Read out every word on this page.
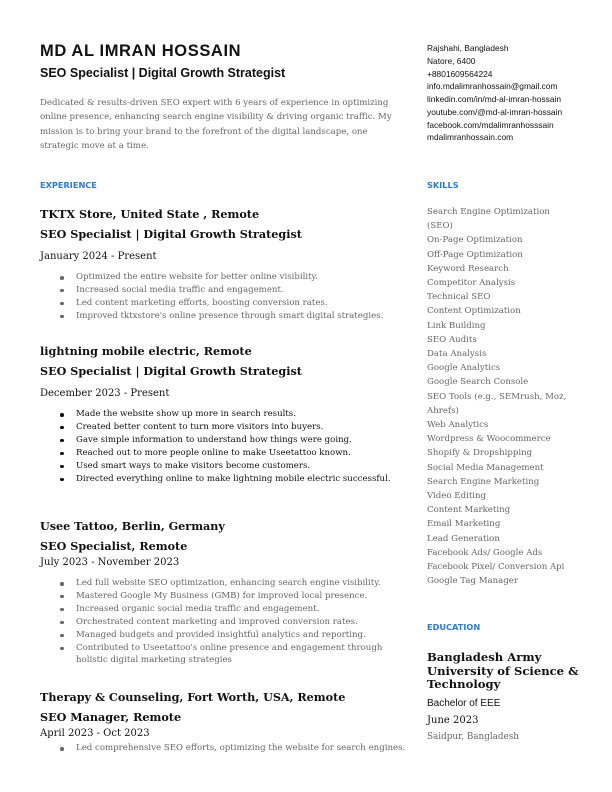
MD AL IMRAN HOSSAIN
SEO Specialist | Digital Growth Strategist
Dedicated & results-driven SEO expert with 6 years of experience in optimizing online presence, enhancing search engine visibility & driving organic traffic. My mission is to bring your brand to the forefront of the digital landscape, one strategic move at a time.
Rajshahi, Bangladesh
Natore, 6400
+8801609564224
info.mdalimranhossain@gmail.com
linkedin.com/in/md-al-imran-hossain
youtube.com/@md-al-imran-hossain
facebook.com/mdalimranhosssain
mdalimranhossain.com
EXPERIENCE	SKILLS
EDUCATION
TKTX Store, United State , Remote
SEO Specialist | Digital Growth Strategist
January 2024 - Present
Optimized the entire website for better online visibility.
Increased social media traffic and engagement.
Led content marketing efforts, boosting conversion rates.
Improved tktxstore's online presence through smart digital strategies.
lightning mobile electric, Remote
SEO Specialist | Digital Growth Strategist
December 2023 - Present
Made the website show up more in search results.
Created better content to turn more visitors into buyers.
Gave simple information to understand how things were going.
Reached out to more people online to make Useetattoo known.
Used smart ways to make visitors become customers.
Directed everything online to make lightning mobile electric successful.
Usee Tattoo, Berlin, Germany
SEO Specialist, Remote
July 2023 - November 2023
Led full website SEO optimization, enhancing search engine visibility.
Mastered Google My Business (GMB) for improved local presence.
Increased organic social media traffic and engagement.
Orchestrated content marketing and improved conversion rates.
Managed budgets and provided insightful analytics and reporting.
Contributed to Useetattoo's online presence and engagement through holistic digital marketing strategies
Therapy & Counseling, Fort Worth, USA, Remote
SEO Manager, Remote
April 2023 - Oct 2023
Led comprehensive SEO efforts, optimizing the website for search engines.
Search Engine Optimization (SEO)
On-Page Optimization
Off-Page Optimization
Keyword Research
Competitor Analysis
Technical SEO
Content Optimization
Link Building
SEO Audits
Data Analysis
Google Analytics
Google Search Console
SEO Tools (e.g., SEMrush, Moz, Ahrefs)
Web Analytics
Wordpress & Woocommerce
Shopify & Dropshipping
Social Media Management
Search Engine Marketing
Video Editing
Content Marketing
Email Marketing
Lead Generation
Facebook Ads/ Google Ads
Facebook Pixel/ Conversion Api
Google Tag Manager
Bangladesh Army University of Science & Technology
Bachelor of EEE
June 2023
Saidpur, Bangladesh
